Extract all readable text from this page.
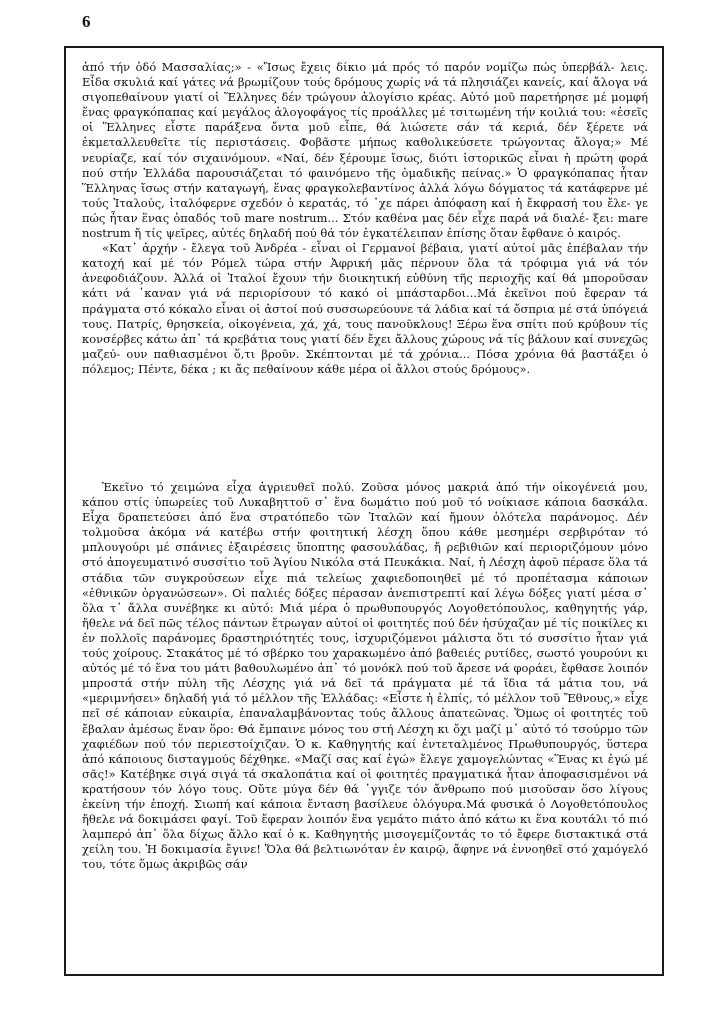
6

ἀπό τήν ὁδό Μασσαλίας;» - «Ἴσως ἔχεις δίκιο μά πρός τό παρόν νομίζω πώς ὑπερβάλ- λεις. Εἶδα σκυλιά καί γάτες νά βρωμίζουν τούς δρόμους χωρίς νά τά πλησιάζει κανείς, καί ἄλογα νά σιγοπεθαίνουν γιατί οἱ Ἕλληνες δέν τρώγουν ἀλογίσιο κρέας. Αὐτό μοῦ παρετήρησε μέ μομφή ἕνας φραγκόπαπας καί μεγάλος ἀλογοφάγος τίς προάλλες μέ τσιτωμένη τήν κοιλιά του: «ἐσεῖς οἱ Ἕλληνες εἶστε παράξενα ὄντα μοῦ εἶπε, θά λιώσετε σάν τά κεριά, δέν ξέρετε νά ἐκμεταλλευθεῖτε τίς περιστάσεις. Φοβᾶστε μήπως καθολικεύσετε τρώγοντας ἄλογα;» Μέ νευρίαζε, καί τόν σιχαινόμουν. «Ναί, δέν ξέρουμε ἴσως, διότι ἱστορικῶς εἶναι ἡ πρώτη φορά πού στήν Ἑλλάδα παρουσιάζεται τό φαινόμενο τῆς ὁμαδικῆς πείνας.» Ὁ φραγκόπαπας ἦταν Ἕλληνας ἴσως στήν καταγωγή, ἕνας φραγκολεβαντίνος ἀλλά λόγω δόγματος τά κατάφερνε μέ τούς Ἰταλούς, ἰταλόφερνε σχεδόν ὁ κερατάς, τό ᾽χε πάρει ἀπόφαση καί ἡ ἔκφρασή του ἔλε- γε πώς ἦταν ἕνας ὀπαδός τοῦ mare nostrum... Στόν καθένα μας δέν εἶχε παρά νά διαλέ- ξει: mare nostrum ἤ τίς ψεῖρες, αὐτές δηλαδή πού θά τόν ἐγκατέλειπαν ἐπίσης ὅταν ἔφθανε ὁ καιρός.

«Κατ᾽ ἀρχήν - ἔλεγα τοῦ Ἀνδρέα - εἶναι οἱ Γερμανοί βέβαια, γιατί αὐτοί μᾶς ἐπέβαλαν τήν κατοχή καί μέ τόν Ρόμελ τώρα στήν Ἀφρική μᾶς πέρνουν ὅλα τά τρόφιμα γιά νά τόν ἀνεφοδιάζουν. Ἀλλά οἱ Ἰταλοί ἔχουν τήν διοικητική εὐθύνη τῆς περιοχῆς καί θά μποροῦσαν κάτι νά ᾽καναν γιά νά περιορίσουν τό κακό οἱ μπάσταρδοι...Μά ἐκεῖνοι πού ἔφεραν τά πράγματα στό κόκαλο εἶναι οἱ ἀστοί πού συσσωρεύουνε τά λάδια καί τά ὄσπρια μέ στά ὑπόγειά τους. Πατρίς, θρησκεία, οἰκογένεια, χά, χά, τους πανοῦκλους! Ξέρω ἕνα σπίτι πού κρύβουν τίς κονσέρβες κάτω ἀπ᾽ τά κρεβάτια τους γιατί δέν ἔχει ἄλλους χώρους νά τίς βάλουν καί συνεχῶς μαζεύ- ουν παθιασμένοι ὅ,τι βροῦν. Σκέπτονται μέ τά χρόνια... Πόσα χρόνια θά βαστάξει ὁ πόλεμος; Πέντε, δέκα ; κι ἄς πεθαίνουν κάθε μέρα οἱ ἄλλοι στούς δρόμους».

Ἐκεῖνο τό χειμώνα εἶχα ἀγριευθεῖ πολύ. Ζοῦσα μόνος μακριά ἀπό τήν οἰκογένειά μου, κάπου στίς ὑπωρείες τοῦ Λυκαβηττοῦ σ᾽ ἕνα δωμάτιο πού μοῦ τό νοίκιασε κάποια δασκάλα. Εἶχα δραπετεύσει ἀπό ἕνα στρατόπεδο τῶν Ἰταλῶν καί ἤμουν ὁλότελα παράνομος. Δέν τολμοῦσα ἀκόμα νά κατέβω στήν φοιτητική λέσχη ὅπου κάθε μεσημέρι σερβιρόταν τό μπλουγούρι μέ σπάνιες ἐξαιρέσεις ὕποπτης φασουλάδας, ἤ ρεβιθιῶν καί περιοριζόμουν μόνο στό ἀπογευματινό συσσίτιο τοῦ Ἁγίου Νικόλα στά Πευκάκια. Ναί, ἡ Λέσχη ἀφοῦ πέρασε ὅλα τά στάδια τῶν συγκρούσεων εἶχε πιά τελείως χαφιεδοποιηθεῖ μέ τό προπέτασμα κάποιων «ἐθνικῶν ὀργανώσεων». Οἱ παλιές δόξες πέρασαν ἀνεπιστρεπτί καί λέγω δόξες γιατί μέσα σ᾽ ὅλα τ᾽ ἄλλα συνέβηκε κι αὐτό: Μιά μέρα ὁ πρωθυπουργός Λογοθετόπουλος, καθηγητής γάρ, ἤθελε νά δεῖ πῶς τέλος πάντων ἔτρωγαν αὐτοί οἱ φοιτητές πού δέν ἡσύχαζαν μέ τίς ποικίλες κι ἐν πολλοῖς παράνομες δραστηριότητές τους, ἰσχυριζόμενοι μάλιστα ὅτι τό συσσίτιο ἦταν γιά τούς χοίρους. Στακάτος μέ τό σβέρκο του χαρακωμένο ἀπό βαθειές ρυτίδες, σωστό γουρούνι κι αὐτός μέ τό ἕνα του μάτι βαθουλωμένο ἀπ᾽ τό μονόκλ πού τοῦ ἄρεσε νά φοράει, ἔφθασε λοιπόν μπροστά στήν πύλη τῆς Λέσχης γιά νά δεῖ τά πράγματα μέ τά ἴδια τά μάτια του, νά «μεριμνήσει» δηλαδή γιά τό μέλλον τῆς Ἑλλάδας: «Εἶστε ἡ ἐλπίς, τό μέλλον τοῦ Ἔθνους,» εἶχε πεῖ σέ κάποιαν εὐκαιρία, ἐπαναλαμβάνοντας τούς ἄλλους ἀπατεῶνας. Ὅμως οἱ φοιτητές τοῦ ἔβαλαν ἀμέσως ἕναν ὅρο: Θά ἔμπαινε μόνος του στή Λέσχη κι ὄχι μαζί μ᾽ αὐτό τό τσούρμο τῶν χαφιέδων πού τόν περιεστοίχιζαν. Ὁ κ. Καθηγητής καί ἐντεταλμένος Πρωθυπουργός, ὕστερα ἀπό κάποιους δισταγμούς δέχθηκε. «Μαζί σας καί ἐγώ» ἔλεγε χαμογελώντας «Ἕνας κι ἐγώ μέ σᾶς!» Κατέβηκε σιγά σιγά τά σκαλοπάτια καί οἱ φοιτητές πραγματικά ἦταν ἀποφασισμένοι νά κρατήσουν τόν λόγο τους. Οὔτε μύγα δέν θά ᾽γγιζε τόν ἄνθρωπο πού μισοῦσαν ὅσο λίγους ἐκείνη τήν ἐποχή. Σιωπή καί κάποια ἔνταση βασίλευε ὁλόγυρα.Μά φυσικά ὁ Λογοθετόπουλος ἤθελε νά δοκιμάσει φαγί. Τοῦ ἔφεραν λοιπόν ἕνα γεμάτο πιάτο ἀπό κάτω κι ἕνα κουτάλι τό πιό λαμπερό ἀπ᾽ ὅλα δίχως ἄλλο καί ὁ κ. Καθηγητής μισογεμίζοντάς το τό ἔφερε διστακτικά στά χείλη του. Ἡ δοκιμασία ἔγινε! Ὅλα θά βελτιωνόταν ἐν καιρῷ, ἄφηνε νά ἐννοηθεῖ στό χαμόγελό του, τότε ὅμως ἀκριβῶς σάν
